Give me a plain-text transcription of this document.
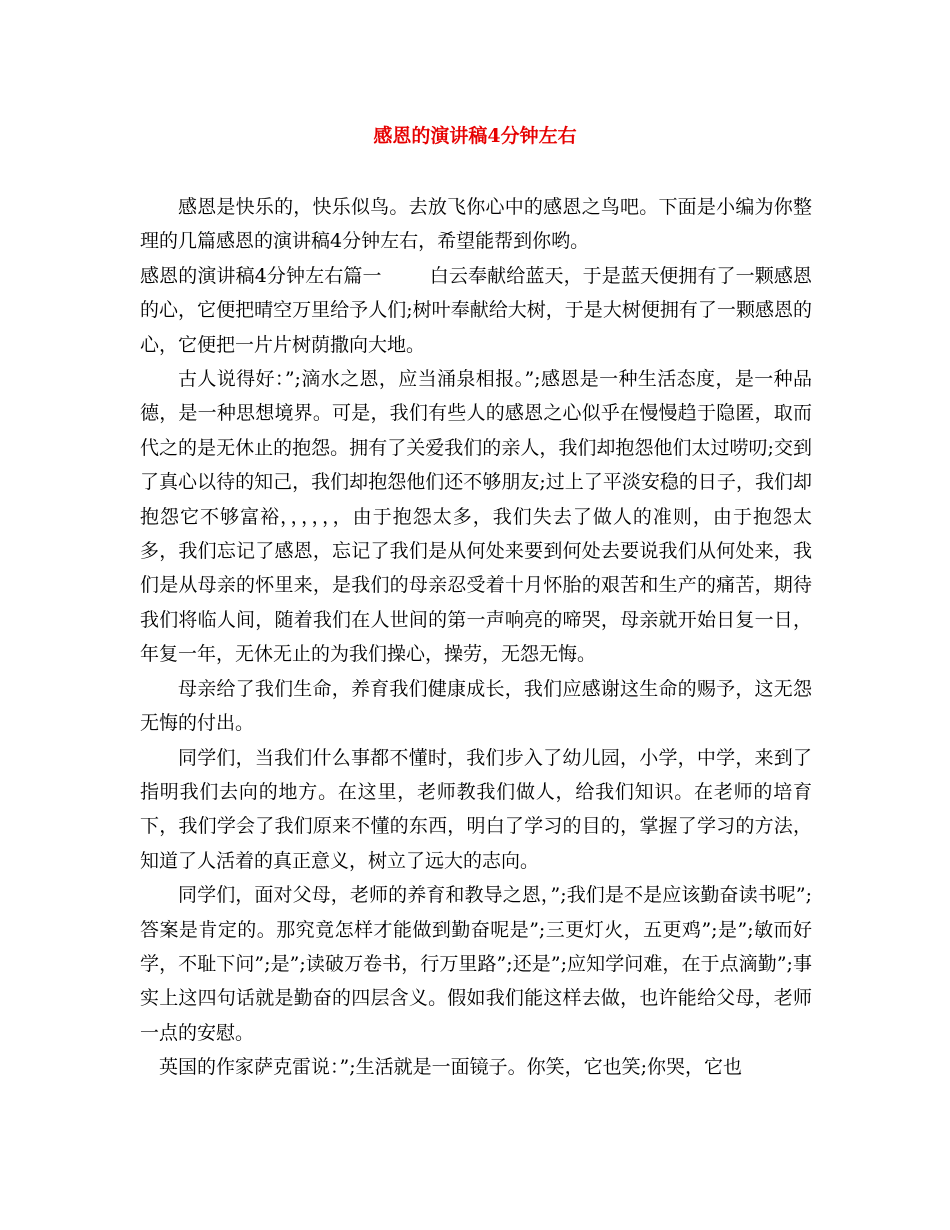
感恩的演讲稿4分钟左右

感恩是快乐的，快乐似鸟。去放飞你心中的感恩之鸟吧。下面是小编为你整理的几篇感恩的演讲稿4分钟左右，希望能帮到你哟。

感恩的演讲稿4分钟左右篇一	白云奉献给蓝天，于是蓝天便拥有了一颗感恩的心，它便把晴空万里给予人们;树叶奉献给大树，于是大树便拥有了一颗感恩的心，它便把一片片树荫撒向大地。

古人说得好：”;滴水之恩，应当涌泉相报。”;感恩是一种生活态度，是一种品德，是一种思想境界。可是，我们有些人的感恩之心似乎在慢慢趋于隐匿，取而代之的是无休止的抱怨。拥有了关爱我们的亲人，我们却抱怨他们太过唠叨;交到了真心以待的知己，我们却抱怨他们还不够朋友;过上了平淡安稳的日子，我们却抱怨它不够富裕，，，，，，由于抱怨太多，我们失去了做人的准则，由于抱怨太多，我们忘记了感恩，忘记了我们是从何处来要到何处去要说我们从何处来，我们是从母亲的怀里来，是我们的母亲忍受着十月怀胎的艰苦和生产的痛苦，期待我们将临人间，随着我们在人世间的第一声响亮的啼哭，母亲就开始日复一日，年复一年，无休无止的为我们操心，操劳，无怨无悔。

母亲给了我们生命，养育我们健康成长，我们应感谢这生命的赐予，这无怨无悔的付出。

同学们，当我们什么事都不懂时，我们步入了幼儿园，小学，中学，来到了指明我们去向的地方。在这里，老师教我们做人，给我们知识。在老师的培育下，我们学会了我们原来不懂的东西，明白了学习的目的，掌握了学习的方法，知道了人活着的真正意义，树立了远大的志向。

同学们，面对父母，老师的养育和教导之恩，”;我们是不是应该勤奋读书呢”;答案是肯定的。那究竟怎样才能做到勤奋呢是”;三更灯火，五更鸡”;是”;敏而好学，不耻下问”;是”;读破万卷书，行万里路”;还是”;应知学问难，在于点滴勤”;事实上这四句话就是勤奋的四层含义。假如我们能这样去做，也许能给父母，老师一点的安慰。

英国的作家萨克雷说：”;生活就是一面镜子。你笑，它也笑;你哭，它也
